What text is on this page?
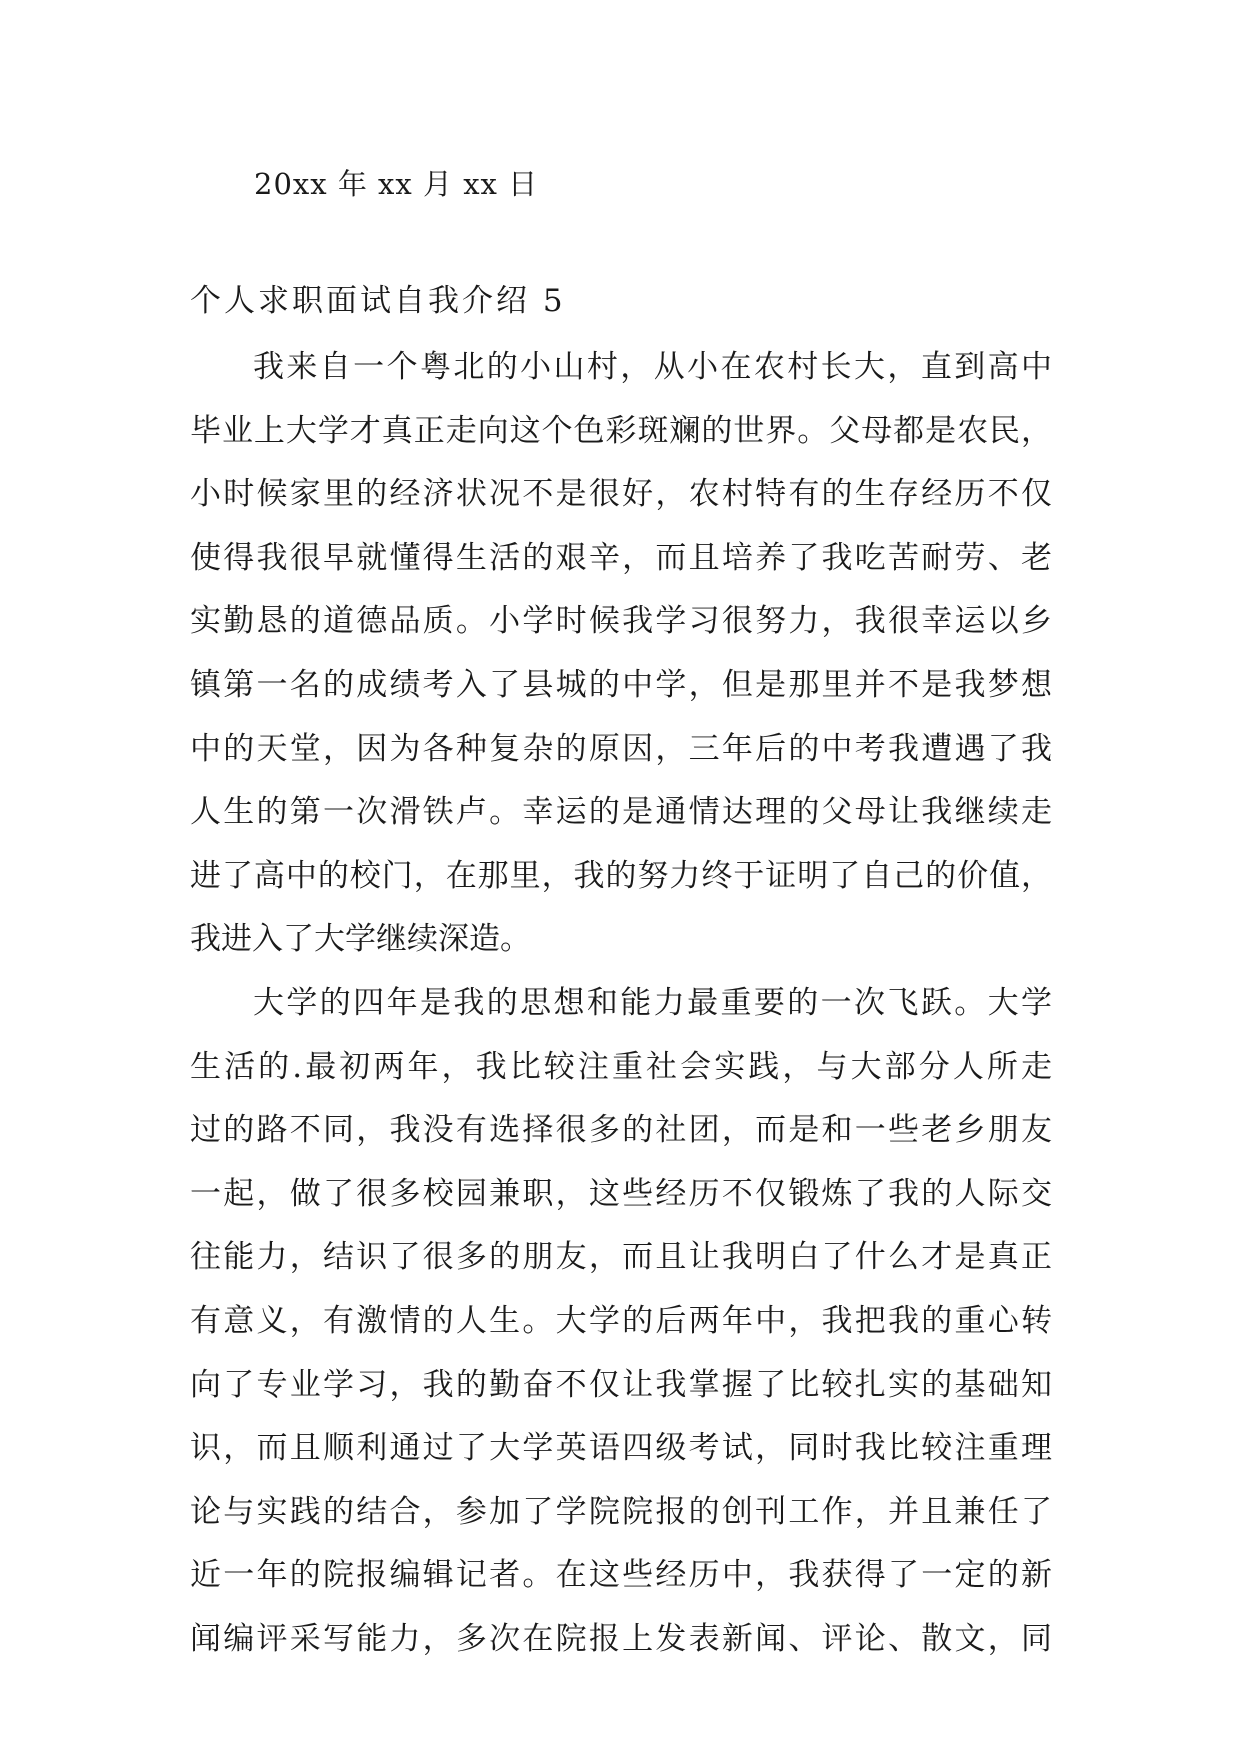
20xx 年 xx 月 xx 日
个人求职面试自我介绍 5
我来自一个粤北的小山村，从小在农村长大，直到高中
毕业上大学才真正走向这个色彩斑斓的世界。父母都是农民，
小时候家里的经济状况不是很好，农村特有的生存经历不仅
使得我很早就懂得生活的艰辛，而且培养了我吃苦耐劳、老
实勤恳的道德品质。小学时候我学习很努力，我很幸运以乡
镇第一名的成绩考入了县城的中学，但是那里并不是我梦想
中的天堂，因为各种复杂的原因，三年后的中考我遭遇了我
人生的第一次滑铁卢。幸运的是通情达理的父母让我继续走
进了高中的校门，在那里，我的努力终于证明了自己的价值，
我进入了大学继续深造。
大学的四年是我的思想和能力最重要的一次飞跃。大学
生活的.最初两年，我比较注重社会实践，与大部分人所走
过的路不同，我没有选择很多的社团，而是和一些老乡朋友
一起，做了很多校园兼职，这些经历不仅锻炼了我的人际交
往能力，结识了很多的朋友，而且让我明白了什么才是真正
有意义，有激情的人生。大学的后两年中，我把我的重心转
向了专业学习，我的勤奋不仅让我掌握了比较扎实的基础知
识，而且顺利通过了大学英语四级考试，同时我比较注重理
论与实践的结合，参加了学院院报的创刊工作，并且兼任了
近一年的院报编辑记者。在这些经历中，我获得了一定的新
闻编评采写能力，多次在院报上发表新闻、评论、散文，同
